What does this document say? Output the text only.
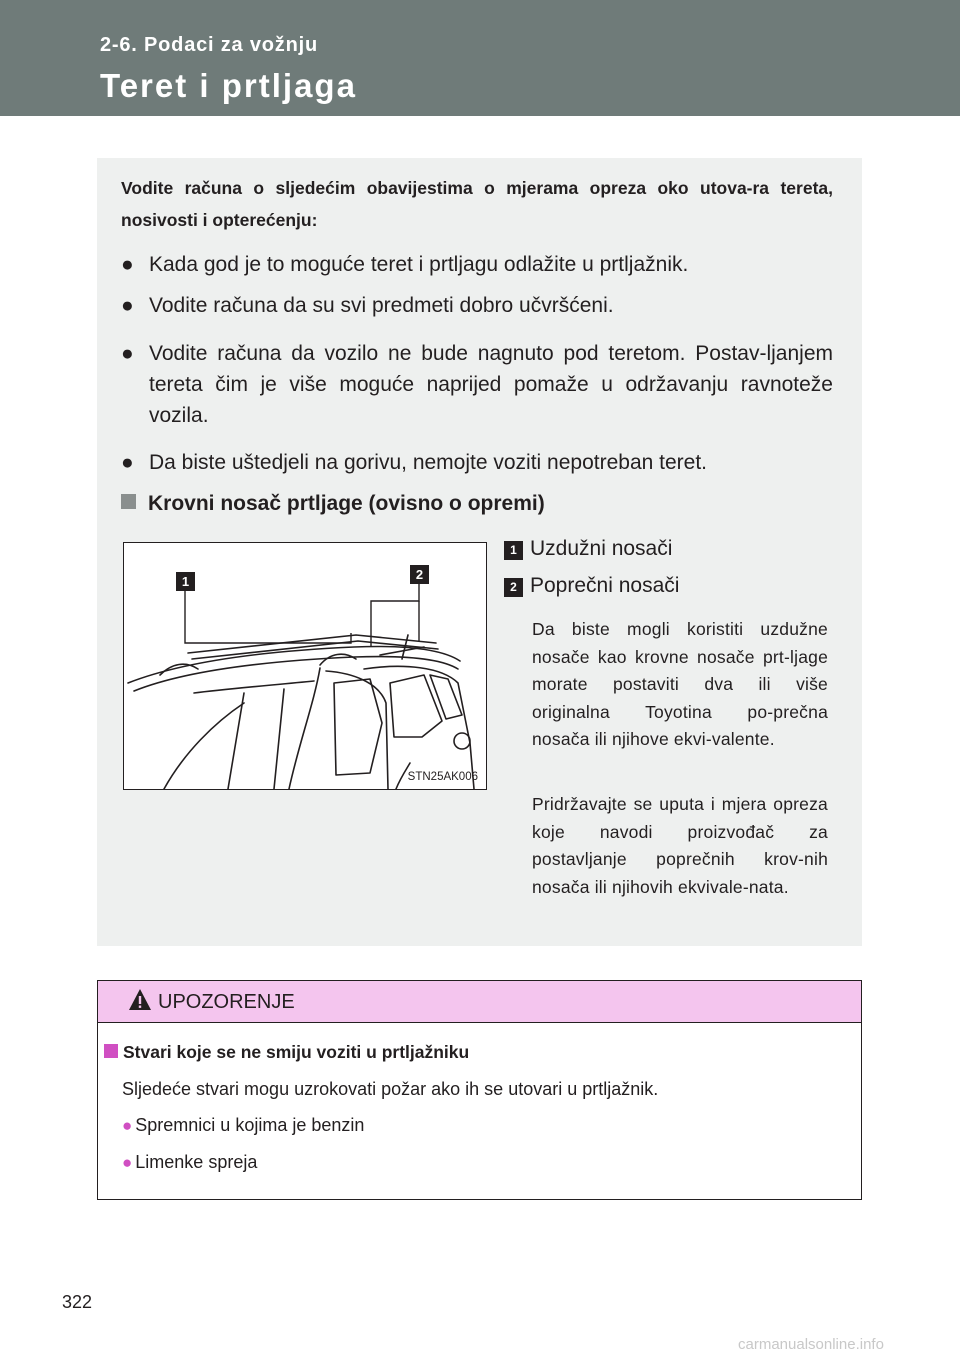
2-6. Podaci za vožnju
Teret i prtljaga
Vodite računa o sljedećim obavijestima o mjerama opreza oko utova-ra tereta, nosivosti i opterećenju:
● Kada god je to moguće teret i prtljagu odlažite u prtljažnik.
● Vodite računa da su svi predmeti dobro učvršćeni.
● Vodite računa da vozilo ne bude nagnuto pod teretom. Postav-ljanjem tereta čim je više moguće naprijed pomaže u održavanju ravnoteže vozila.
● Da biste uštedjeli na gorivu, nemojte voziti nepotreban teret.
Krovni nosač prtljage (ovisno o opremi)
1	2
STN25AK006
1 Uzdužni nosači
2 Poprečni nosači
Da biste mogli koristiti uzdužne nosače kao krovne nosače prt-ljage morate postaviti dva ili više originalna Toyotina po-prečna nosača ili njihove ekvi-valente.
Pridržavajte se uputa i mjera opreza koje navodi proizvođač za postavljanje poprečnih krov-nih nosača ili njihovih ekvivale-nata.
UPOZORENJE
Stvari koje se ne smiju voziti u prtljažniku
Sljedeće stvari mogu uzrokovati požar ako ih se utovari u prtljažnik.
● Spremnici u kojima je benzin
● Limenke spreja
322
carmanualsonline.info
